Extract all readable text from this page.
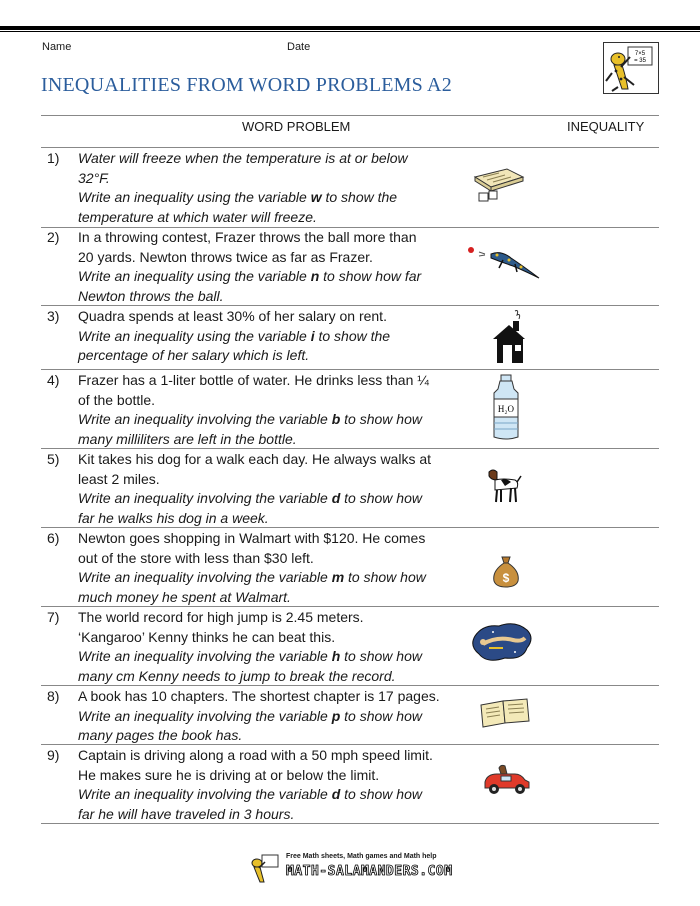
Name	Date
7×5
= 35
INEQUALITIES FROM WORD PROBLEMS A2
WORD PROBLEM	INEQUALITY
1) Water will freeze when the temperature is at or below
32°F.
Write an inequality using the variable w to show the
temperature at which water will freeze.
2) In a throwing contest, Frazer throws the ball more than
20 yards. Newton throws twice as far as Frazer.
Write an inequality using the variable n to show how far
Newton throws the ball.
3) Quadra spends at least 30% of her salary on rent.
Write an inequality using the variable i to show the
percentage of her salary which is left.
4) Frazer has a 1-liter bottle of water. He drinks less than ¼
of the bottle.
Write an inequality involving the variable b to show how
many milliliters are left in the bottle.
H₂O
5) Kit takes his dog for a walk each day. He always walks at
least 2 miles.
Write an inequality involving the variable d to show how
far he walks his dog in a week.
6) Newton goes shopping in Walmart with $120. He comes
out of the store with less than $30 left.
Write an inequality involving the variable m to show how
much money he spent at Walmart.
$
7) The world record for high jump is 2.45 meters.
‘Kangaroo’ Kenny thinks he can beat this.
Write an inequality involving the variable h to show how
many cm Kenny needs to jump to break the record.
8) A book has 10 chapters. The shortest chapter is 17 pages.
Write an inequality involving the variable p to show how
many pages the book has.
9) Captain is driving along a road with a 50 mph speed limit.
He makes sure he is driving at or below the limit.
Write an inequality involving the variable d to show how
far he will have traveled in 3 hours.
Free Math sheets, Math games and Math help
MATH-SALAMANDERS.COM
